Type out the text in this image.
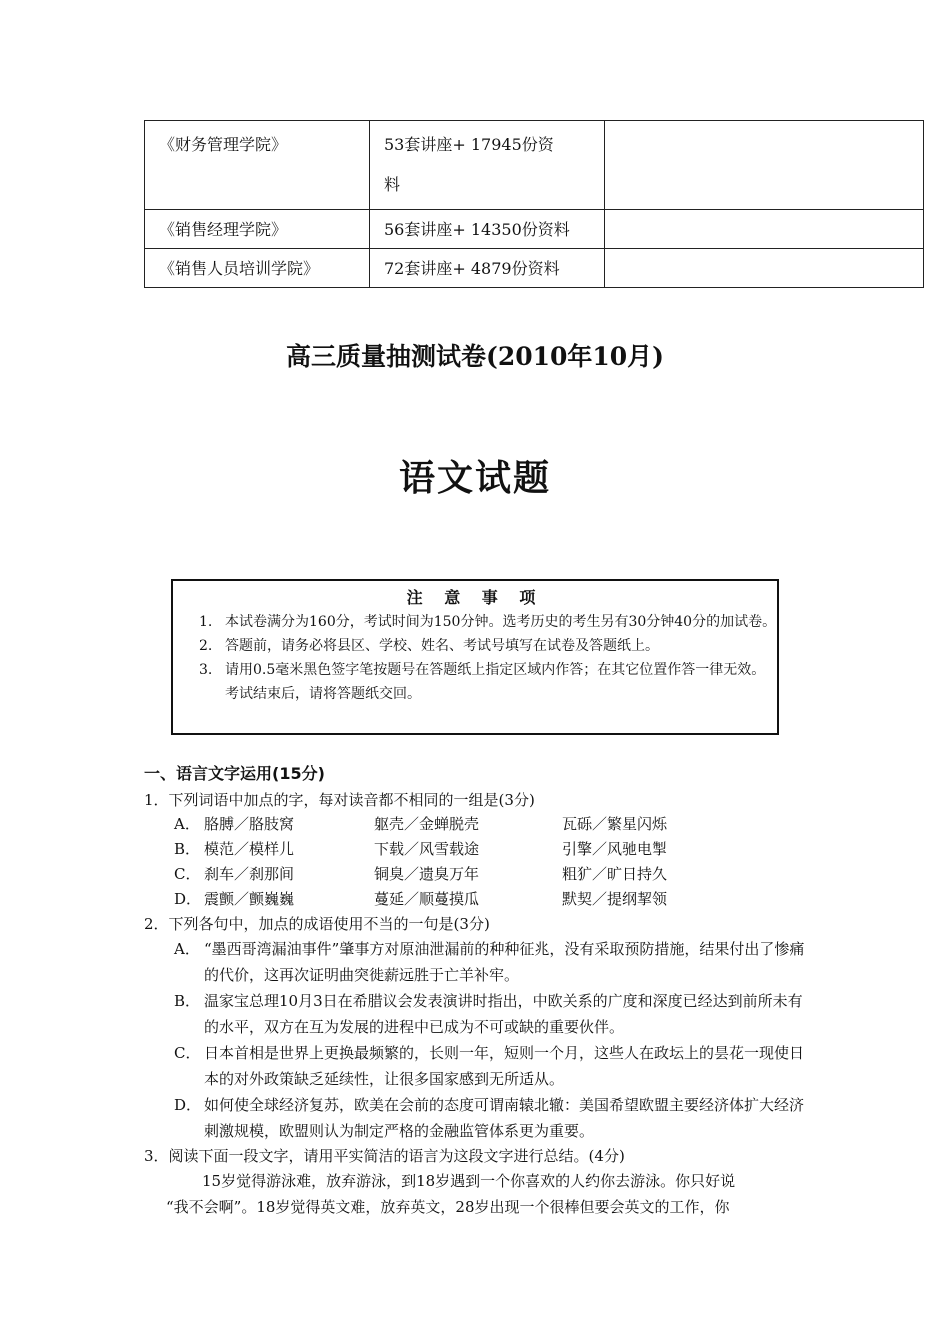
《财务管理学院》	53套讲座+ 17945份资
料	

《销售经理学院》	56套讲座+ 14350份资料	
《销售人员培训学院》	72套讲座+ 4879份资料	
高三质量抽测试卷(2010年10月)
语文试题
注 意 事 项
1. 本试卷满分为160分，考试时间为150分钟。选考历史的考生另有30分钟40分的加试卷。
2. 答题前，请务必将县区、学校、姓名、考试号填写在试卷及答题纸上。
3. 请用0.5毫米黑色签字笔按题号在答题纸上指定区域内作答；在其它位置作答一律无效。考试结束后，请将答题纸交回。
一、语言文字运用(15分)
1．下列词语中加点的字，每对读音都不相同的一组是(3分)
A． 胳膊／胳肢窝	躯壳／金蝉脱壳	瓦砾／繁星闪烁
B． 模范／模样儿	下载／风雪载途	引擎／风驰电掣
C． 刹车／刹那间	铜臭／遗臭万年	粗犷／旷日持久
D． 震颤／颤巍巍	蔓延／顺蔓摸瓜	默契／提纲挈领
2．下列各句中，加点的成语使用不当的一句是(3分)
A． “墨西哥湾漏油事件”肇事方对原油泄漏前的种种征兆，没有采取预防措施，结果付出了惨痛的代价，这再次证明曲突徙薪远胜于亡羊补牢。
B． 温家宝总理10月3日在希腊议会发表演讲时指出，中欧关系的广度和深度已经达到前所未有的水平，双方在互为发展的进程中已成为不可或缺的重要伙伴。
C． 日本首相是世界上更换最频繁的，长则一年，短则一个月，这些人在政坛上的昙花一现使日本的对外政策缺乏延续性，让很多国家感到无所适从。
D． 如何使全球经济复苏，欧美在会前的态度可谓南辕北辙：美国希望欧盟主要经济体扩大经济刺激规模，欧盟则认为制定严格的金融监管体系更为重要。
3．阅读下面一段文字，请用平实简洁的语言为这段文字进行总结。(4分)
15岁觉得游泳难，放弃游泳，到18岁遇到一个你喜欢的人约你去游泳。你只好说
“我不会啊”。18岁觉得英文难，放弃英文，28岁出现一个很棒但要会英文的工作，你
